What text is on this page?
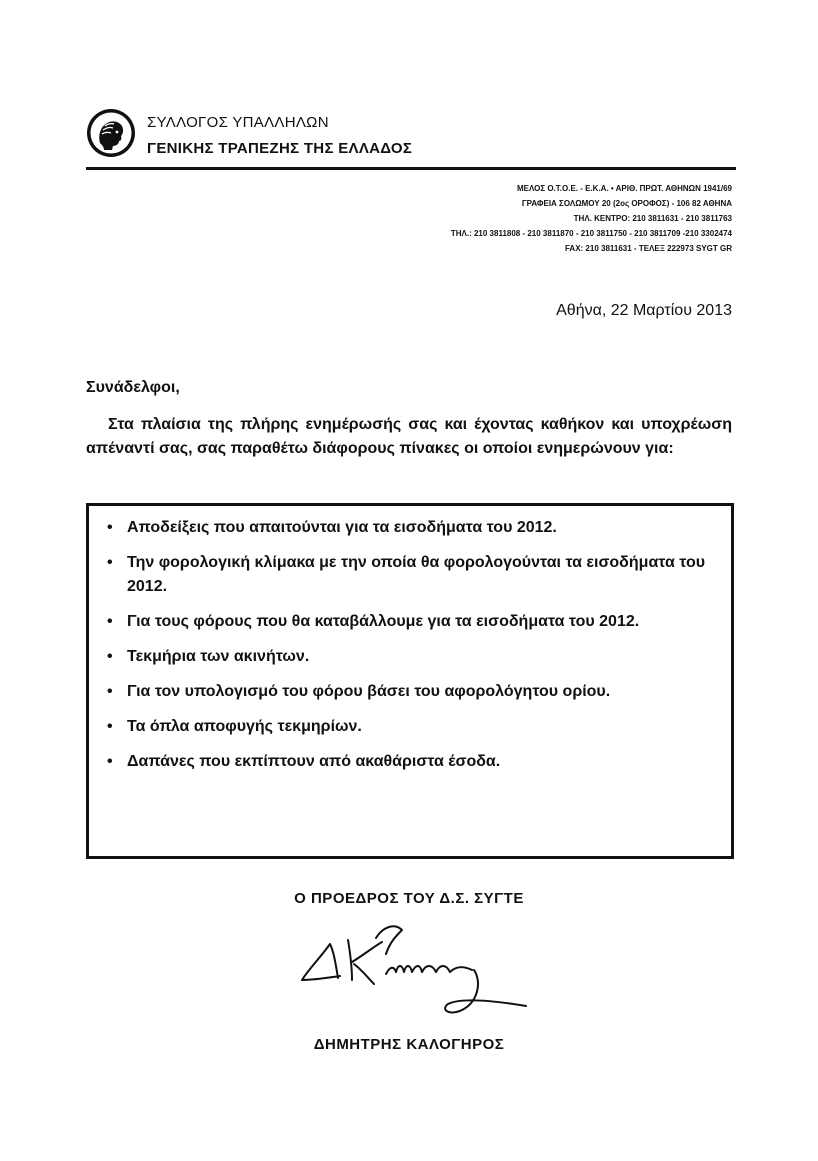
ΣΥΛΛΟΓΟΣ ΥΠΑΛΛΗΛΩΝ
ΓΕΝΙΚΗΣ ΤΡΑΠΕΖΗΣ ΤΗΣ ΕΛΛΑΔΟΣ
ΜΕΛΟΣ Ο.Τ.Ο.Ε. - Ε.Κ.Α. • ΑΡΙΘ. ΠΡΩΤ. ΑΘΗΝΩΝ 1941/69
ΓΡΑΦΕΙΑ ΣΟΛΩΜΟΥ 20 (2ος ΟΡΟΦΟΣ) - 106 82 ΑΘΗΝΑ
ΤΗΛ. ΚΕΝΤΡΟ: 210 3811631 - 210 3811763
ΤΗΛ.: 210 3811808 - 210 3811870 - 210 3811750 - 210 3811709 -210 3302474
FAX: 210 3811631 - ΤΕΛΕΞ 222973 SYGT GR
Αθήνα, 22 Μαρτίου 2013
Συνάδελφοι,
Στα πλαίσια της πλήρης ενημέρωσής σας και έχοντας καθήκον και υποχρέωση απέναντί σας, σας παραθέτω διάφορους πίνακες οι οποίοι ενημερώνουν για:
• Αποδείξεις που απαιτούνται για τα εισοδήματα του 2012.
• Την φορολογική κλίμακα με την οποία θα φορολογούνται τα εισοδήματα του 2012.
• Για τους φόρους που θα καταβάλλουμε για τα εισοδήματα του 2012.
• Τεκμήρια των ακινήτων.
• Για τον υπολογισμό του φόρου βάσει του αφορολόγητου ορίου.
• Τα όπλα αποφυγής τεκμηρίων.
• Δαπάνες που εκπίπτουν από ακαθάριστα έσοδα.
Ο ΠΡΟΕΔΡΟΣ ΤΟΥ Δ.Σ. ΣΥΓΤΕ
ΔΗΜΗΤΡΗΣ ΚΑΛΟΓΗΡΟΣ
